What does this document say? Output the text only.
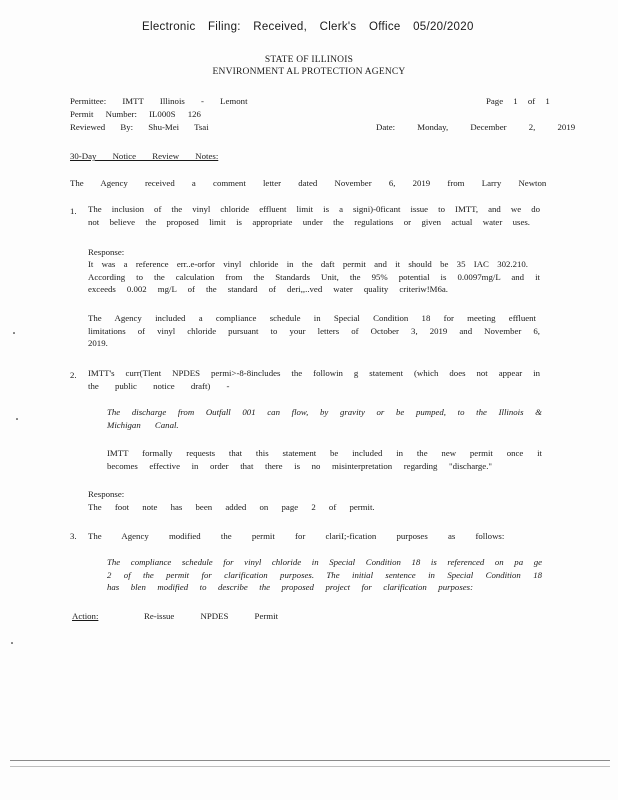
Electronic Filing: Received, Clerk's Office 05/20/2020
STATE OF ILLINOIS
ENVIRONMENT AL PROTECTION AGENCY
Permittee: IMTT Illinois - Lemont	Page 1 of 1
Permit Number: IL000S 126
Reviewed By: Shu-Mei Tsai	Date: Monday, December 2, 2019
30-Day Notice Review Notes:
The Agency received a comment letter dated November 6, 2019 from Larry Newton
1. The inclusion of the vinyl chloride effluent limit is a signi)-0ficant issue to IMTT, and we do
not believe the proposed limit is appropriate under the regulations or given actual water uses.
Response:
It was a reference err..e-orfor vinyl chloride in the daft permit and it should be 35 IAC 302.210.
According to the calculation from the Standards Unit, the 95% potential is 0.0097mg/L and it
exceeds 0.002 mg/L of the standard of deri,,..ved water quality criteriw!M6a.
The Agency included a compliance schedule in Special Condition 18 for meeting effluent
limitations of vinyl chloride pursuant to your letters of October 3, 2019 and November 6,
2019.
2. IMTT's curr(Tlent NPDES permi>-8-8includes the followin g statement (which does not appear in
the public notice draft) -
The discharge from Outfall 001 can flow, by gravity or be pumped, to the Illinois &
Michigan Canal.
IMTT formally requests that this statement be included in the new permit once it
becomes effective in order that there is no misinterpretation regarding "discharge."
Response:
The foot note has been added on page 2 of permit.
3. The Agency modified the permit for clariI;-fication purposes as follows:
The compliance schedule for vinyl chloride in Special Condition 18 is referenced on pa ge
2 of the permit for clarification purposes. The initial sentence in Special Condition 18
has blen modified to describe the proposed project for clarification purposes:
Action:	Re-issue NPDES Permit
